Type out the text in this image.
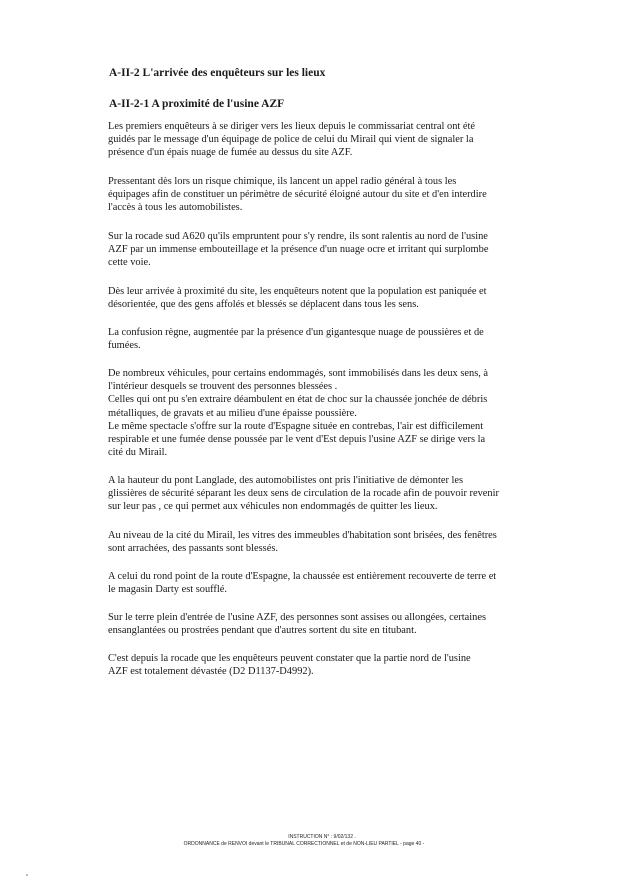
A-II-2 L'arrivée des enquêteurs sur les lieux
A-II-2-1 A proximité de l'usine AZF

Les premiers enquêteurs à se diriger vers les lieux depuis le commissariat central ont été
guidés par le message d'un équipage de police de celui du Mirail qui vient de signaler la
présence d'un épais nuage de fumée au dessus du site AZF.

Pressentant dès lors un risque chimique, ils lancent un appel radio général à tous les
équipages afin de constituer un périmètre de sécurité éloigné autour du site et d'en interdire
l'accès à tous les automobilistes.

Sur la rocade sud A620 qu'ils empruntent pour s'y rendre, ils sont ralentis au nord de l'usine
AZF par un immense embouteillage et la présence d'un nuage ocre et irritant qui surplombe
cette voie.

Dès leur arrivée à proximité du site, les enquêteurs notent que la population est paniquée et
désorientée, que des gens affolés et blessés se déplacent dans tous les sens.

La confusion règne, augmentée par la présence d'un gigantesque nuage de poussières et de
fumées.

De nombreux véhicules, pour certains endommagés, sont immobilisés dans les deux sens, à
l'intérieur desquels se trouvent des personnes blessées .
Celles qui ont pu s'en extraire déambulent en état de choc sur la chaussée jonchée de débris
métalliques, de gravats et au milieu d'une épaisse poussière.
Le même spectacle s'offre sur la route d'Espagne située en contrebas, l'air est difficilement
respirable et une fumée dense poussée par le vent d'Est depuis l'usine AZF se dirige vers la
cité du Mirail.

A la hauteur du pont Langlade, des automobilistes ont pris l'initiative de démonter les
glissières de sécurité séparant les deux sens de circulation de la rocade afin de pouvoir revenir
sur leur pas , ce qui permet aux véhicules non endommagés de quitter les lieux.

Au niveau de la cité du Mirail, les vitres des immeubles d'habitation sont brisées, des fenêtres
sont arrachées, des passants sont blessés.

A celui du rond point de la route d'Espagne, la chaussée est entièrement recouverte de terre et
le magasin Darty est soufflé.

Sur le terre plein d'entrée de l'usine AZF, des personnes sont assises ou allongées, certaines
ensanglantées ou prostrées pendant que d'autres sortent du site en titubant.

C'est depuis la rocade que les enquêteurs peuvent constater que la partie nord de l'usine
AZF est totalement dévastée (D2 D1137-D4992).

INSTRUCTION N° : 9/02/132 .
ORDONNANCE de RENVOI devant le TRIBUNAL CORRECTIONNEL et de NON-LIEU PARTIEL - page 40 -
